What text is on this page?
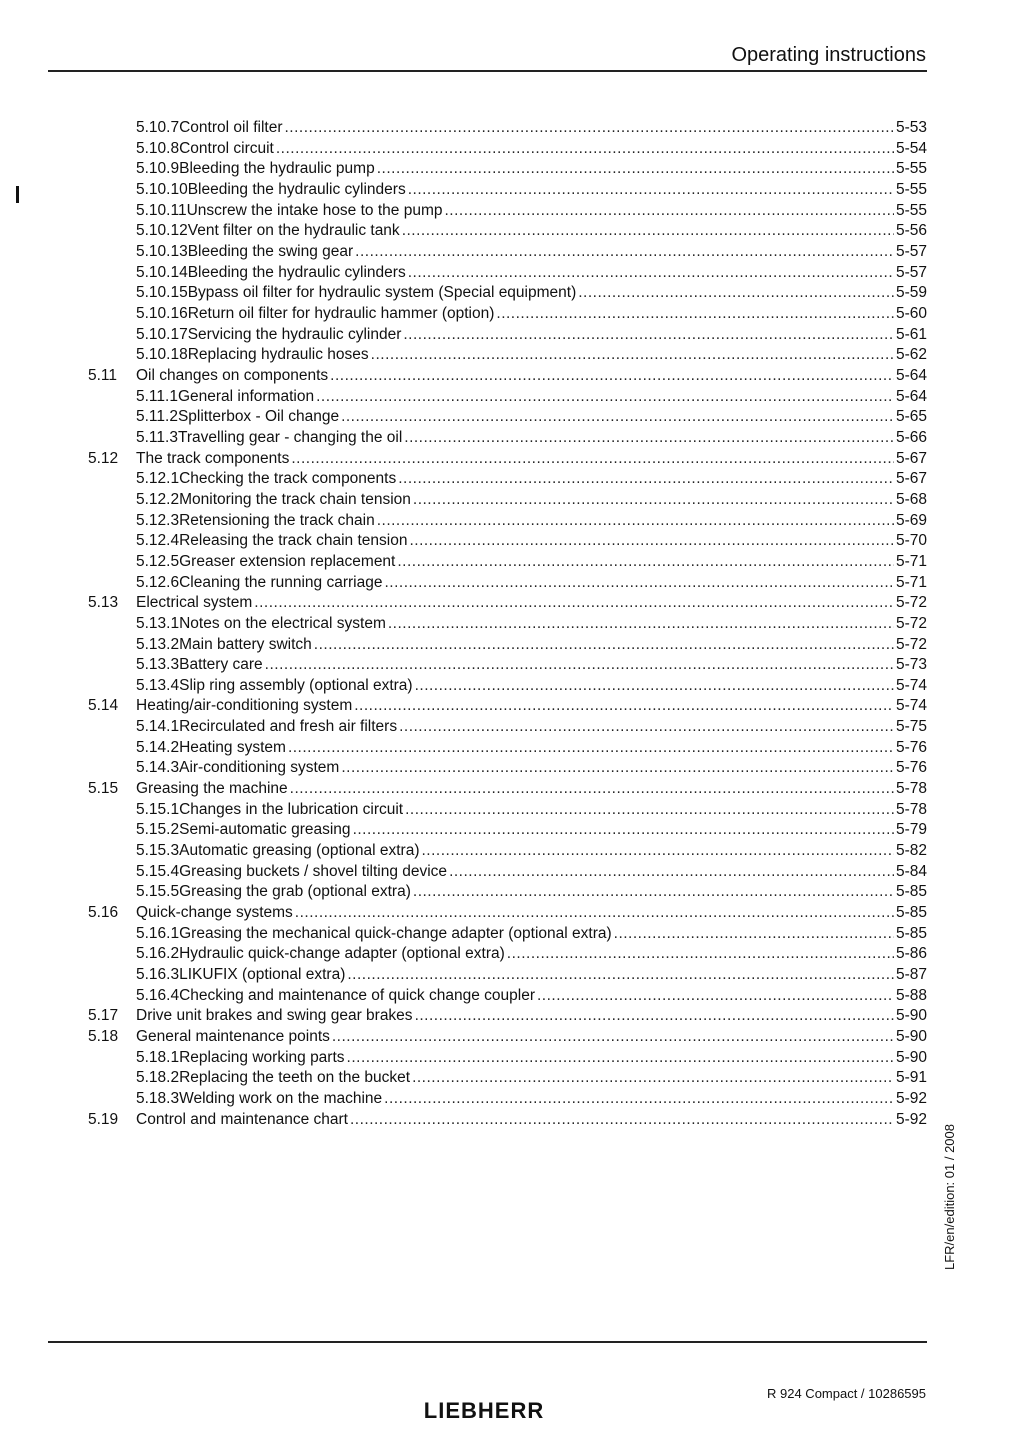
Operating instructions
5.10.7 Control oil filter .....	5-53
5.10.8 Control circuit .....	5-54
5.10.9 Bleeding the hydraulic pump .....	5-55
5.10.10 Bleeding the hydraulic cylinders .....	5-55
5.10.11 Unscrew the intake hose to the pump .....	5-55
5.10.12 Vent filter on the hydraulic tank .....	5-56
5.10.13 Bleeding the swing gear .....	5-57
5.10.14 Bleeding the hydraulic cylinders .....	5-57
5.10.15 Bypass oil filter for hydraulic system (Special equipment) .....	5-59
5.10.16 Return oil filter for hydraulic hammer (option) .....	5-60
5.10.17 Servicing the hydraulic cylinder .....	5-61
5.10.18 Replacing hydraulic hoses .....	5-62
5.11 Oil changes on components .....	5-64
5.11.1 General information .....	5-64
5.11.2 Splitterbox - Oil change .....	5-65
5.11.3 Travelling gear - changing the oil .....	5-66
5.12 The track components .....	5-67
5.12.1 Checking the track components .....	5-67
5.12.2 Monitoring the track chain tension .....	5-68
5.12.3 Retensioning the track chain .....	5-69
5.12.4 Releasing the track chain tension .....	5-70
5.12.5 Greaser extension replacement .....	5-71
5.12.6 Cleaning the running carriage .....	5-71
5.13 Electrical system .....	5-72
5.13.1 Notes on the electrical system .....	5-72
5.13.2 Main battery switch .....	5-72
5.13.3 Battery care .....	5-73
5.13.4 Slip ring assembly (optional extra) .....	5-74
5.14 Heating/air-conditioning system .....	5-74
5.14.1 Recirculated and fresh air filters .....	5-75
5.14.2 Heating system .....	5-76
5.14.3 Air-conditioning system .....	5-76
5.15 Greasing the machine .....	5-78
5.15.1 Changes in the lubrication circuit .....	5-78
5.15.2 Semi-automatic greasing .....	5-79
5.15.3 Automatic greasing (optional extra) .....	5-82
5.15.4 Greasing buckets / shovel tilting device .....	5-84
5.15.5 Greasing the grab (optional extra) .....	5-85
5.16 Quick-change systems .....	5-85
5.16.1 Greasing the mechanical quick-change adapter (optional extra) .....	5-85
5.16.2 Hydraulic quick-change adapter (optional extra) .....	5-86
5.16.3 LIKUFIX (optional extra) .....	5-87
5.16.4 Checking and maintenance of quick change coupler .....	5-88
5.17 Drive unit brakes and swing gear brakes .....	5-90
5.18 General maintenance points .....	5-90
5.18.1 Replacing working parts .....	5-90
5.18.2 Replacing the teeth on the bucket .....	5-91
5.18.3 Welding work on the machine .....	5-92
5.19 Control and maintenance chart .....	5-92
LFR/en/edition: 01 / 2008
R 924 Compact / 10286595
LIEBHERR
